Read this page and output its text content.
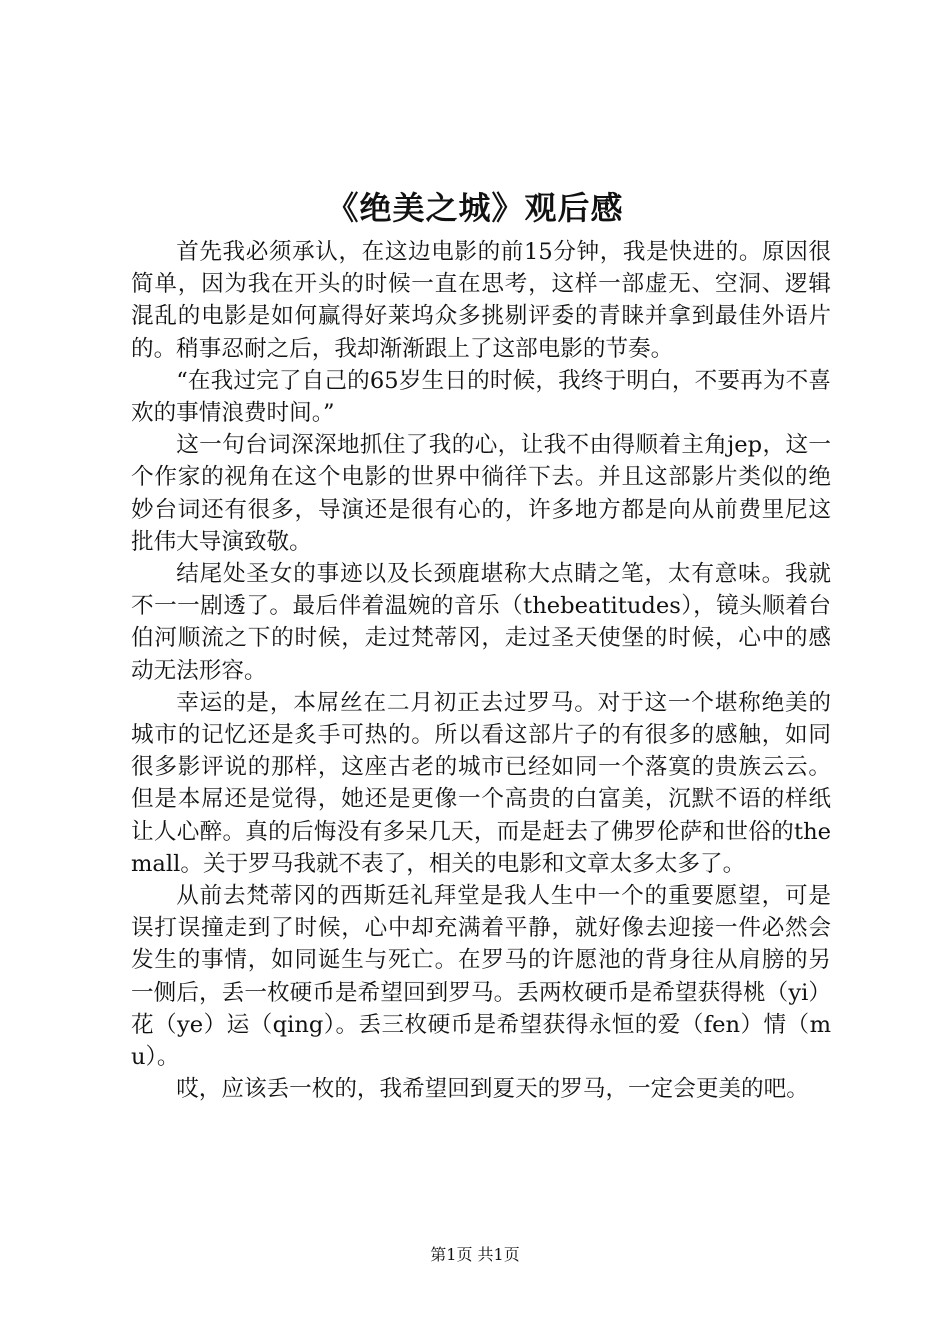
《绝美之城》观后感

首先我必须承认，在这边电影的前15分钟，我是快进的。原因很简单，因为我在开头的时候一直在思考，这样一部虚无、空洞、逻辑混乱的电影是如何赢得好莱坞众多挑剔评委的青睐并拿到最佳外语片的。稍事忍耐之后，我却渐渐跟上了这部电影的节奏。

“在我过完了自己的65岁生日的时候，我终于明白，不要再为不喜欢的事情浪费时间。”

这一句台词深深地抓住了我的心，让我不由得顺着主角jep，这一个作家的视角在这个电影的世界中徜徉下去。并且这部影片类似的绝妙台词还有很多，导演还是很有心的，许多地方都是向从前费里尼这批伟大导演致敬。

结尾处圣女的事迹以及长颈鹿堪称大点睛之笔，太有意味。我就不一一剧透了。最后伴着温婉的音乐（thebeatitudes），镜头顺着台伯河顺流之下的时候，走过梵蒂冈，走过圣天使堡的时候，心中的感动无法形容。

幸运的是，本屌丝在二月初正去过罗马。对于这一个堪称绝美的城市的记忆还是炙手可热的。所以看这部片子的有很多的感触，如同很多影评说的那样，这座古老的城市已经如同一个落寞的贵族云云。但是本屌还是觉得，她还是更像一个高贵的白富美，沉默不语的样纸让人心醉。真的后悔没有多呆几天，而是赶去了佛罗伦萨和世俗的themall。关于罗马我就不表了，相关的电影和文章太多太多了。

从前去梵蒂冈的西斯廷礼拜堂是我人生中一个的重要愿望，可是误打误撞走到了时候，心中却充满着平静，就好像去迎接一件必然会发生的事情，如同诞生与死亡。在罗马的许愿池的背身往从肩膀的另一侧后，丢一枚硬币是希望回到罗马。丢两枚硬币是希望获得桃（yi）花（ye）运（qing）。丢三枚硬币是希望获得永恒的爱（fen）情（mu）。

哎，应该丢一枚的，我希望回到夏天的罗马，一定会更美的吧。

第1页 共1页
